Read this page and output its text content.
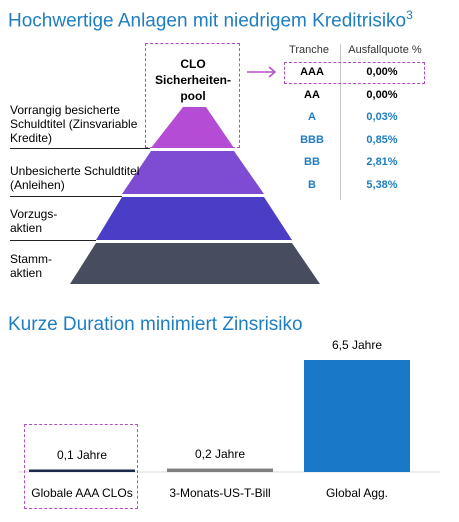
Hochwertige Anlagen mit niedrigem Kreditrisiko$^3$
CLO Sicherheiten-pool
Vorrangig besicherte Schuldtitel (Zinsvariable Kredite)
Unbesicherte Schuldtitel (Anleihen)
Vorzugs-aktien
Stamm-aktien
Tranche	Ausfallquote %
AAA	0,00%
AA	0,00%
A	0,03%
BBB	0,85%
BB	2,81%
B	5,38%
Kurze Duration minimiert Zinsrisiko
0,1 Jahre
Globale AAA CLOs
0,2 Jahre
3-Monats-US-T-Bill
6,5 Jahre
Global Agg.
